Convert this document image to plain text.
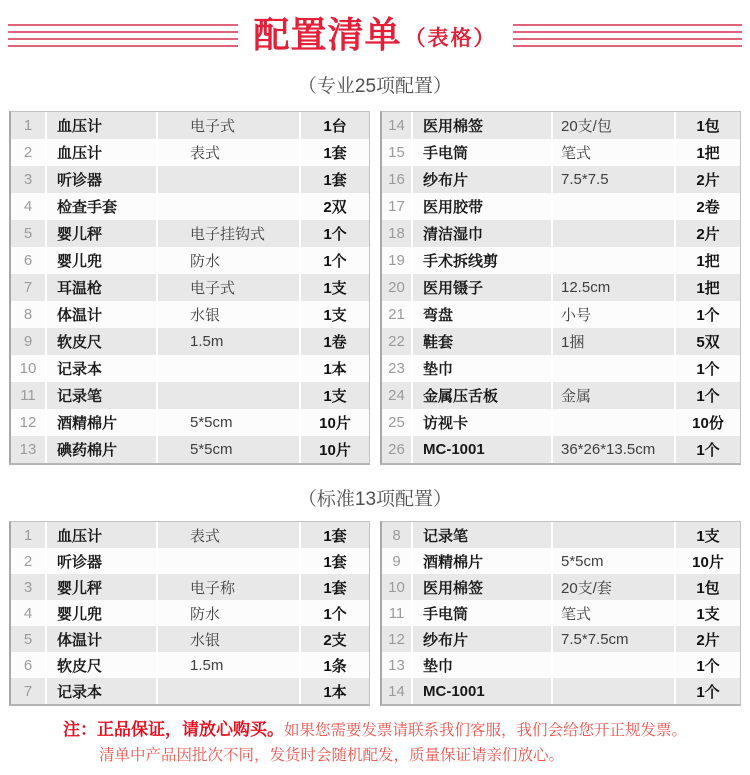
配置清单 （表格）
（专业25项配置）
1	血压计	电子式	1台
2	血压计	表式	1套
3	听诊器		1套
4	检查手套		2双
5	婴儿秤	电子挂钩式	1个
6	婴儿兜	防水	1个
7	耳温枪	电子式	1支
8	体温计	水银	1支
9	软皮尺	1.5m	1卷
10	记录本		1本
11	记录笔		1支
12	酒精棉片	5*5cm	10片
13	碘药棉片	5*5cm	10片
14	医用棉签	20支/包	1包
15	手电筒	笔式	1把
16	纱布片	7.5*7.5	2片
17	医用胶带		2卷
18	清洁湿巾		2片
19	手术拆线剪		1把
20	医用镊子	12.5cm	1把
21	弯盘	小号	1个
22	鞋套	1捆	5双
23	垫巾		1个
24	金属压舌板	金属	1个
25	访视卡		10份
26	MC-1001	36*26*13.5cm	1个
（标准13项配置）
1	血压计	表式	1套
2	听诊器		1套
3	婴儿秤	电子称	1套
4	婴儿兜	防水	1个
5	体温计	水银	2支
6	软皮尺	1.5m	1条
7	记录本		1本
8	记录笔		1支
9	酒精棉片	5*5cm	10片
10	医用棉签	20支/套	1包
11	手电筒	笔式	1支
12	纱布片	7.5*7.5cm	2片
13	垫巾		1个
14	MC-1001		1个
注：正品保证，请放心购买。如果您需要发票请联系我们客服，我们会给您开正规发票。
清单中产品因批次不同，发货时会随机配发，质量保证请亲们放心。
